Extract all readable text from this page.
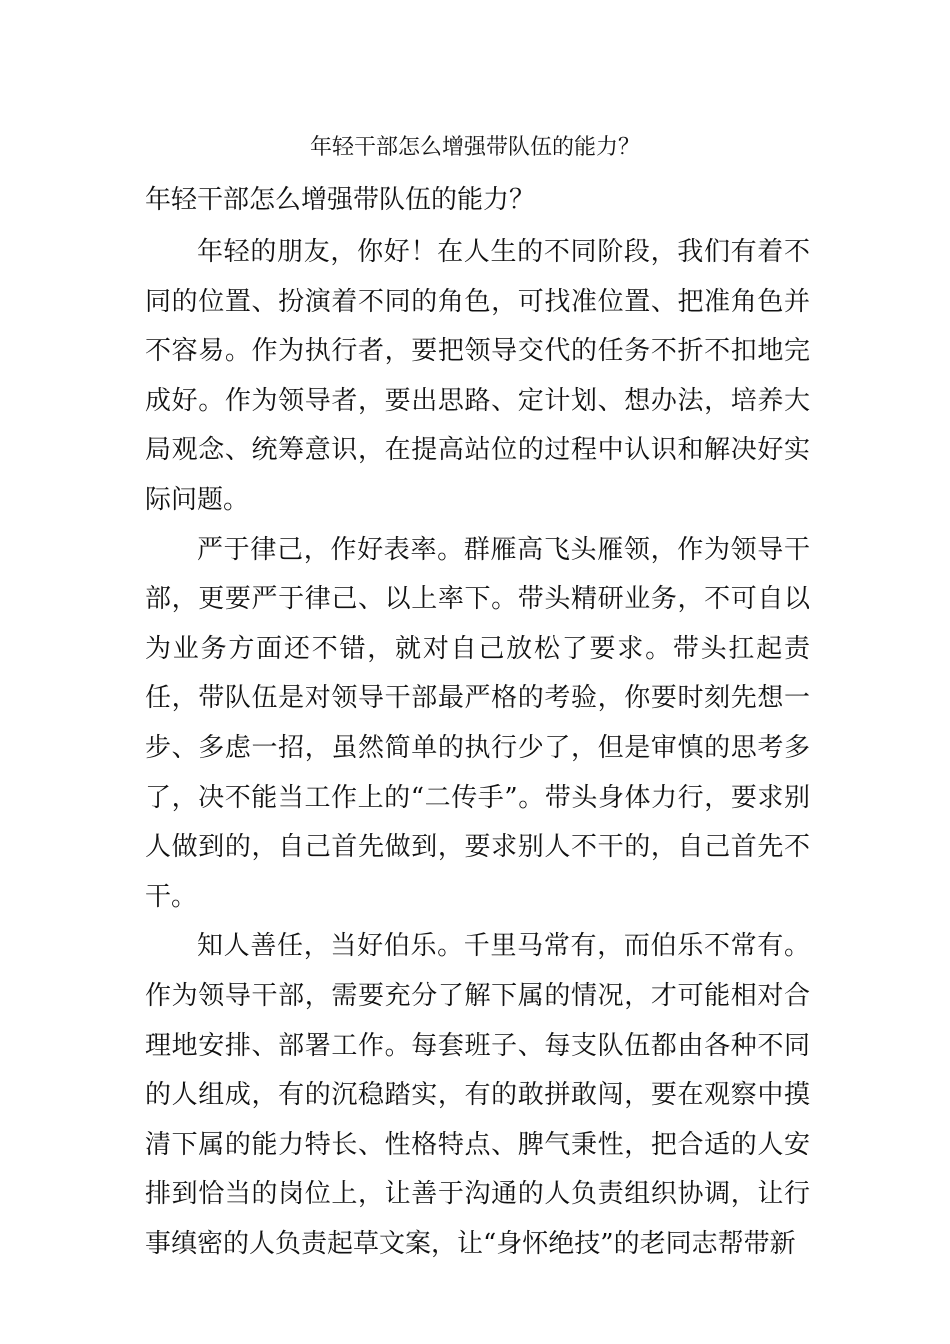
年轻干部怎么增强带队伍的能力？
年轻干部怎么增强带队伍的能力？

年轻的朋友，你好！在人生的不同阶段，我们有着不同的位置、扮演着不同的角色，可找准位置、把准角色并不容易。作为执行者，要把领导交代的任务不折不扣地完成好。作为领导者，要出思路、定计划、想办法，培养大局观念、统筹意识，在提高站位的过程中认识和解决好实际问题。

严于律己，作好表率。群雁高飞头雁领，作为领导干部，更要严于律己、以上率下。带头精研业务，不可自以为业务方面还不错，就对自己放松了要求。带头扛起责任，带队伍是对领导干部最严格的考验，你要时刻先想一步、多虑一招，虽然简单的执行少了，但是审慎的思考多了，决不能当工作上的“二传手”。带头身体力行，要求别人做到的，自己首先做到，要求别人不干的，自己首先不干。

知人善任，当好伯乐。千里马常有，而伯乐不常有。作为领导干部，需要充分了解下属的情况，才可能相对合理地安排、部署工作。每套班子、每支队伍都由各种不同的人组成，有的沉稳踏实，有的敢拼敢闯，要在观察中摸清下属的能力特长、性格特点、脾气秉性，把合适的人安排到恰当的岗位上，让善于沟通的人负责组织协调，让行事缜密的人负责起草文案，让“身怀绝技”的老同志帮带新
